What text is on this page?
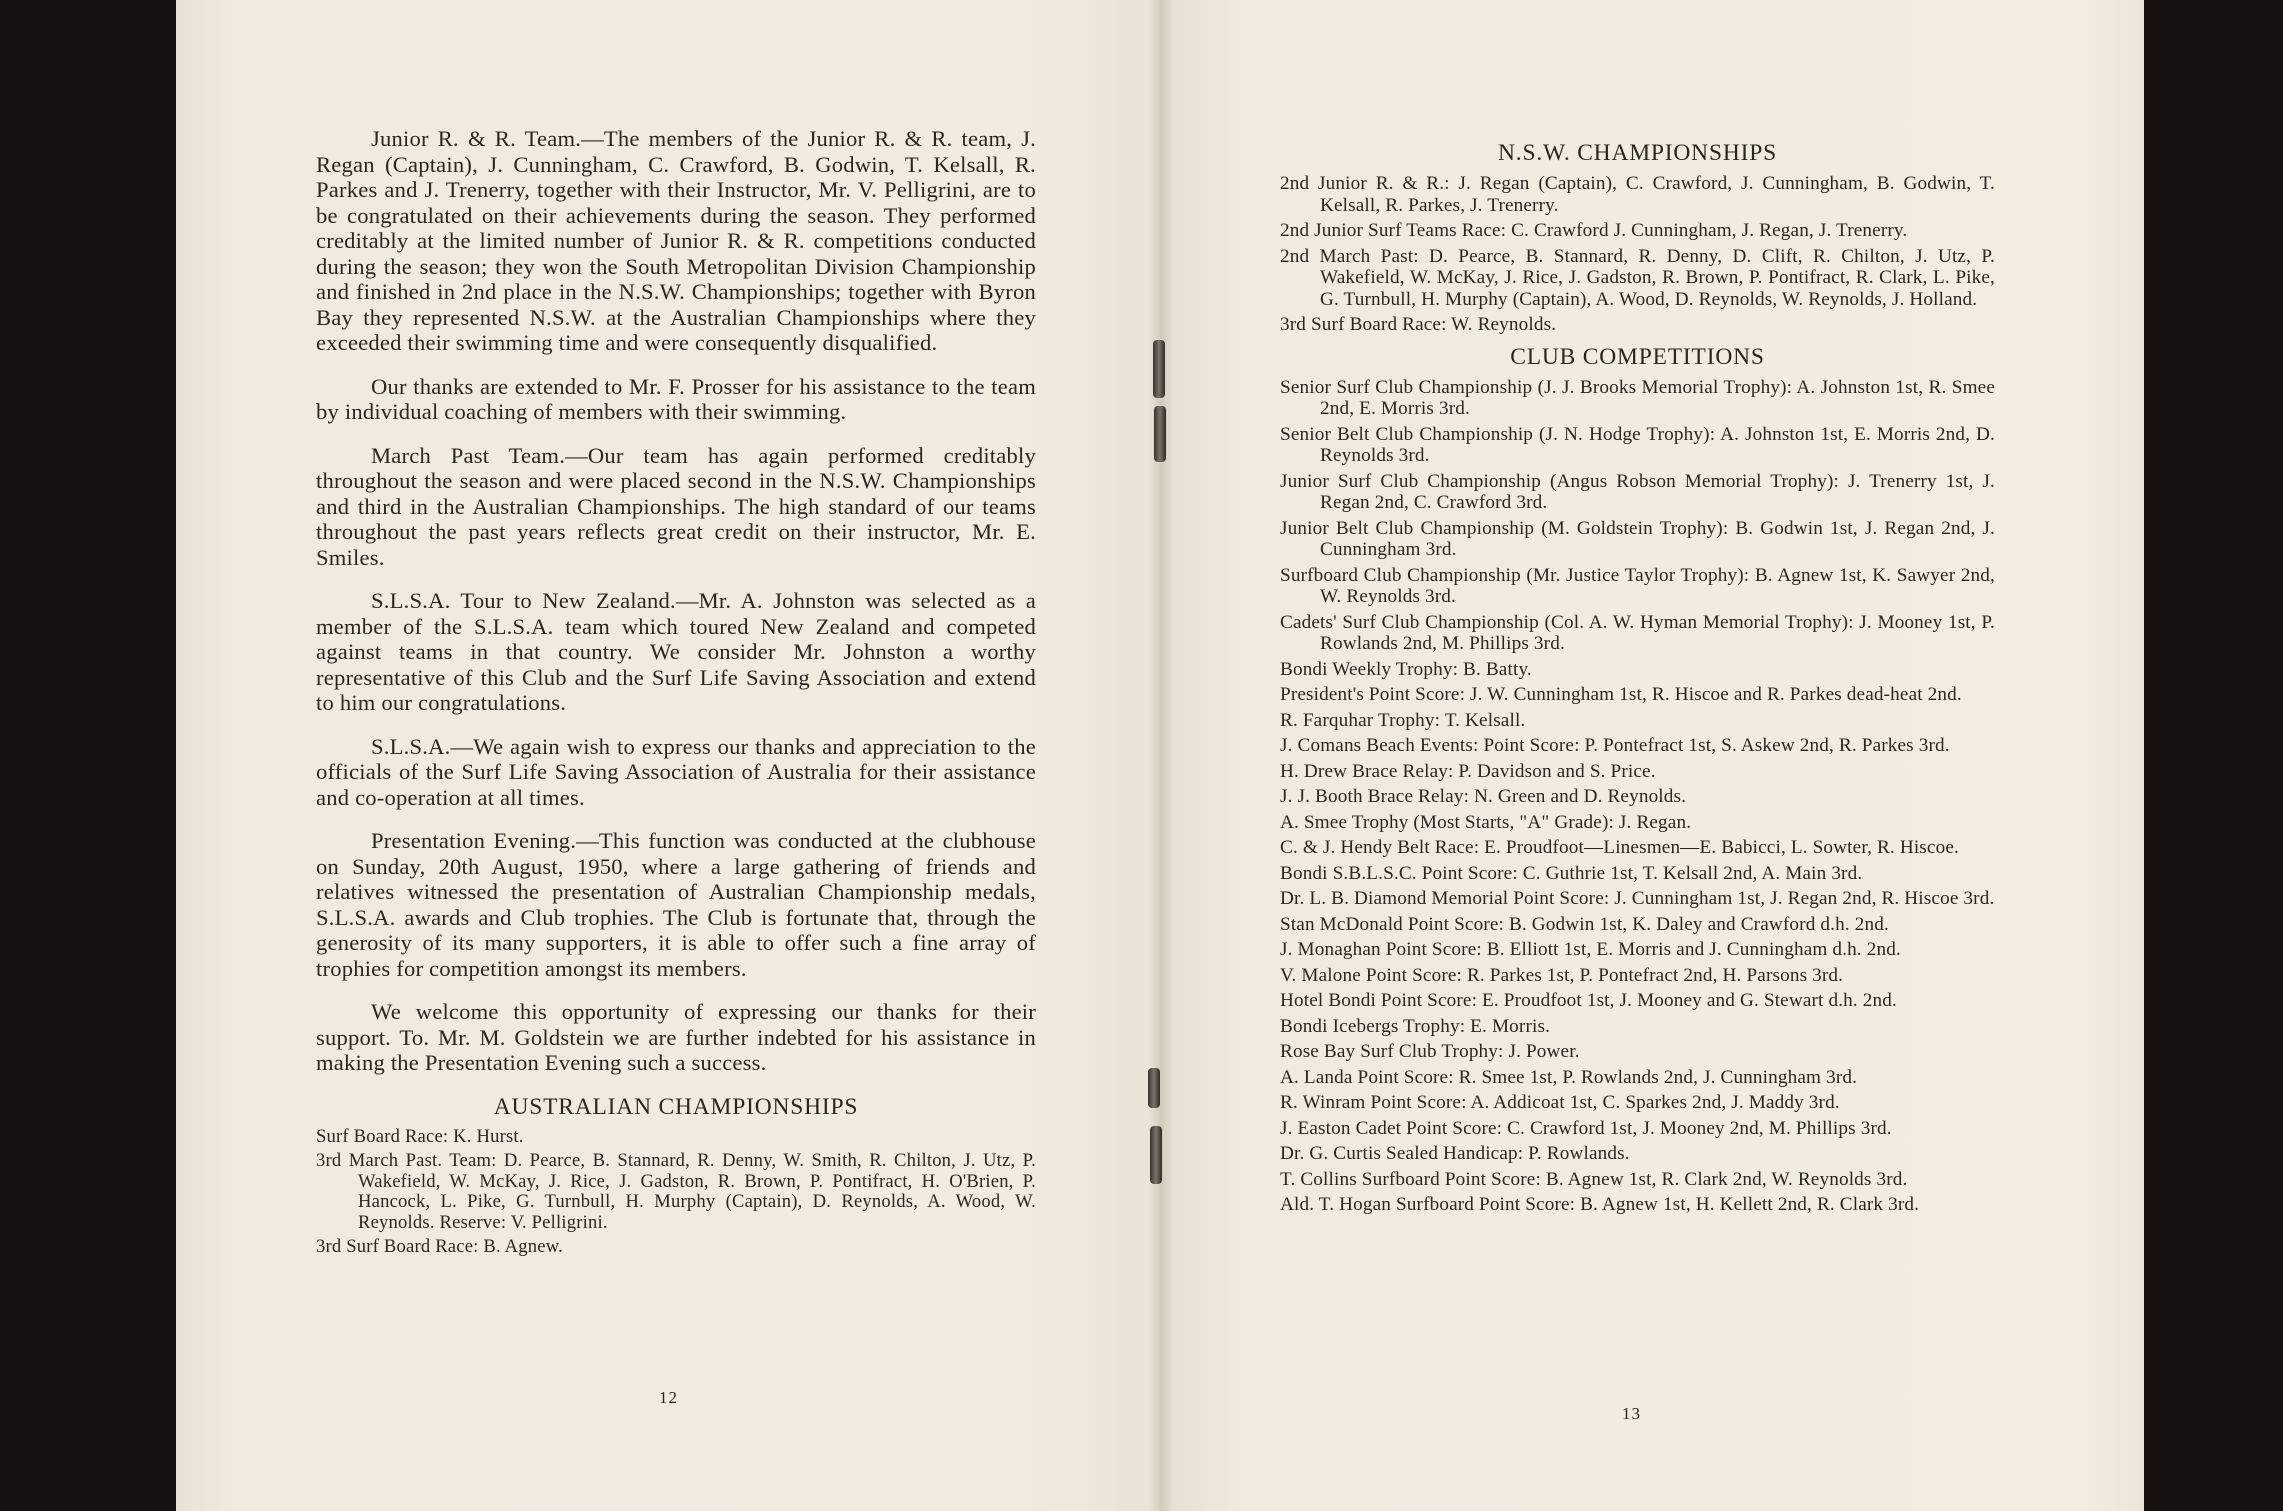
Junior R. & R. Team.—The members of the Junior R. & R. team, J. Regan (Captain), J. Cunningham, C. Crawford, B. Godwin, T. Kelsall, R. Parkes and J. Trenerry, together with their Instructor, Mr. V. Pelligrini, are to be congratulated on their achievements during the season. They performed creditably at the limited number of Junior R. & R. competitions conducted during the season; they won the South Metropolitan Division Championship and finished in 2nd place in the N.S.W. Championships; together with Byron Bay they represented N.S.W. at the Australian Championships where they exceeded their swimming time and were consequently disqualified.

Our thanks are extended to Mr. F. Prosser for his assistance to the team by individual coaching of members with their swimming.

March Past Team.—Our team has again performed creditably throughout the season and were placed second in the N.S.W. Championships and third in the Australian Championships. The high standard of our teams throughout the past years reflects great credit on their instructor, Mr. E. Smiles.

S.L.S.A. Tour to New Zealand.—Mr. A. Johnston was selected as a member of the S.L.S.A. team which toured New Zealand and competed against teams in that country. We consider Mr. Johnston a worthy representative of this Club and the Surf Life Saving Association and extend to him our congratulations.

S.L.S.A.—We again wish to express our thanks and appreciation to the officials of the Surf Life Saving Association of Australia for their assistance and co-operation at all times.

Presentation Evening.—This function was conducted at the clubhouse on Sunday, 20th August, 1950, where a large gathering of friends and relatives witnessed the presentation of Australian Championship medals, S.L.S.A. awards and Club trophies. The Club is fortunate that, through the generosity of its many supporters, it is able to offer such a fine array of trophies for competition amongst its members.

We welcome this opportunity of expressing our thanks for their support. To. Mr. M. Goldstein we are further indebted for his assistance in making the Presentation Evening such a success.

AUSTRALIAN CHAMPIONSHIPS

Surf Board Race: K. Hurst.

3rd March Past. Team: D. Pearce, B. Stannard, R. Denny, W. Smith, R. Chilton, J. Utz, P. Wakefield, W. McKay, J. Rice, J. Gadston, R. Brown, P. Pontifract, H. O'Brien, P. Hancock, L. Pike, G. Turnbull, H. Murphy (Captain), D. Reynolds, A. Wood, W. Reynolds. Reserve: V. Pelligrini.

3rd Surf Board Race: B. Agnew.

12
N.S.W. CHAMPIONSHIPS

2nd Junior R. & R.: J. Regan (Captain), C. Crawford, J. Cunningham, B. Godwin, T. Kelsall, R. Parkes, J. Trenerry.

2nd Junior Surf Teams Race: C. Crawford J. Cunningham, J. Regan, J. Trenerry.

2nd March Past: D. Pearce, B. Stannard, R. Denny, D. Clift, R. Chilton, J. Utz, P. Wakefield, W. McKay, J. Rice, J. Gadston, R. Brown, P. Pontifract, R. Clark, L. Pike, G. Turnbull, H. Murphy (Captain), A. Wood, D. Reynolds, W. Reynolds, J. Holland.

3rd Surf Board Race: W. Reynolds.

CLUB COMPETITIONS

Senior Surf Club Championship (J. J. Brooks Memorial Trophy): A. Johnston 1st, R. Smee 2nd, E. Morris 3rd.

Senior Belt Club Championship (J. N. Hodge Trophy): A. Johnston 1st, E. Morris 2nd, D. Reynolds 3rd.

Junior Surf Club Championship (Angus Robson Memorial Trophy): J. Trenerry 1st, J. Regan 2nd, C. Crawford 3rd.

Junior Belt Club Championship (M. Goldstein Trophy): B. Godwin 1st, J. Regan 2nd, J. Cunningham 3rd.

Surfboard Club Championship (Mr. Justice Taylor Trophy): B. Agnew 1st, K. Sawyer 2nd, W. Reynolds 3rd.

Cadets' Surf Club Championship (Col. A. W. Hyman Memorial Trophy): J. Mooney 1st, P. Rowlands 2nd, M. Phillips 3rd.

Bondi Weekly Trophy: B. Batty.

President's Point Score: J. W. Cunningham 1st, R. Hiscoe and R. Parkes dead-heat 2nd.

R. Farquhar Trophy: T. Kelsall.

J. Comans Beach Events: Point Score: P. Pontefract 1st, S. Askew 2nd, R. Parkes 3rd.

H. Drew Brace Relay: P. Davidson and S. Price.

J. J. Booth Brace Relay: N. Green and D. Reynolds.

A. Smee Trophy (Most Starts, "A" Grade): J. Regan.

C. & J. Hendy Belt Race: E. Proudfoot—Linesmen—E. Babicci, L. Sowter, R. Hiscoe.

Bondi S.B.L.S.C. Point Score: C. Guthrie 1st, T. Kelsall 2nd, A. Main 3rd.

Dr. L. B. Diamond Memorial Point Score: J. Cunningham 1st, J. Regan 2nd, R. Hiscoe 3rd.

Stan McDonald Point Score: B. Godwin 1st, K. Daley and Crawford d.h. 2nd.

J. Monaghan Point Score: B. Elliott 1st, E. Morris and J. Cunningham d.h. 2nd.

V. Malone Point Score: R. Parkes 1st, P. Pontefract 2nd, H. Parsons 3rd.

Hotel Bondi Point Score: E. Proudfoot 1st, J. Mooney and G. Stewart d.h. 2nd.

Bondi Icebergs Trophy: E. Morris.

Rose Bay Surf Club Trophy: J. Power.

A. Landa Point Score: R. Smee 1st, P. Rowlands 2nd, J. Cunningham 3rd.

R. Winram Point Score: A. Addicoat 1st, C. Sparkes 2nd, J. Maddy 3rd.

J. Easton Cadet Point Score: C. Crawford 1st, J. Mooney 2nd, M. Phillips 3rd.

Dr. G. Curtis Sealed Handicap: P. Rowlands.

T. Collins Surfboard Point Score: B. Agnew 1st, R. Clark 2nd, W. Reynolds 3rd.

Ald. T. Hogan Surfboard Point Score: B. Agnew 1st, H. Kellett 2nd, R. Clark 3rd.

13
